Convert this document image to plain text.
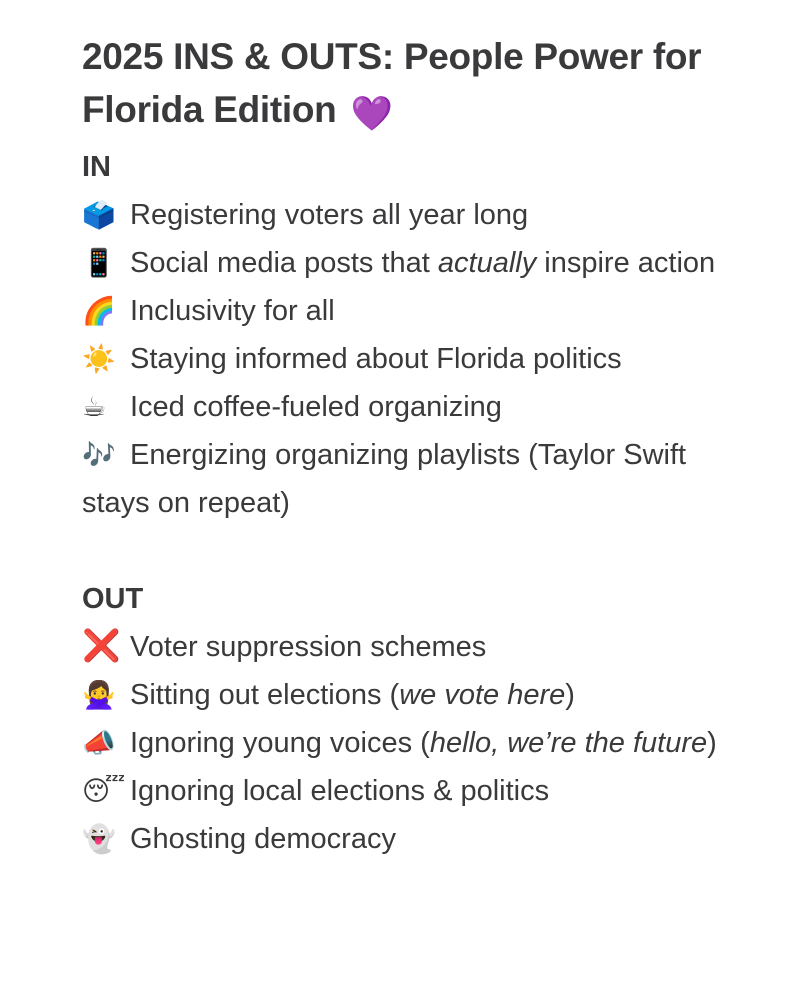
2025 INS & OUTS: People Power for Florida Edition 💜
IN
🗳️ Registering voters all year long
📱 Social media posts that actually inspire action
🌈 Inclusivity for all
☀️ Staying informed about Florida politics
☕ Iced coffee-fueled organizing
🎶 Energizing organizing playlists (Taylor Swift stays on repeat)
OUT
❌ Voter suppression schemes
🙅‍♀️ Sitting out elections (we vote here)
📣 Ignoring young voices (hello, we’re the future)
😴 Ignoring local elections & politics
👻 Ghosting democracy
